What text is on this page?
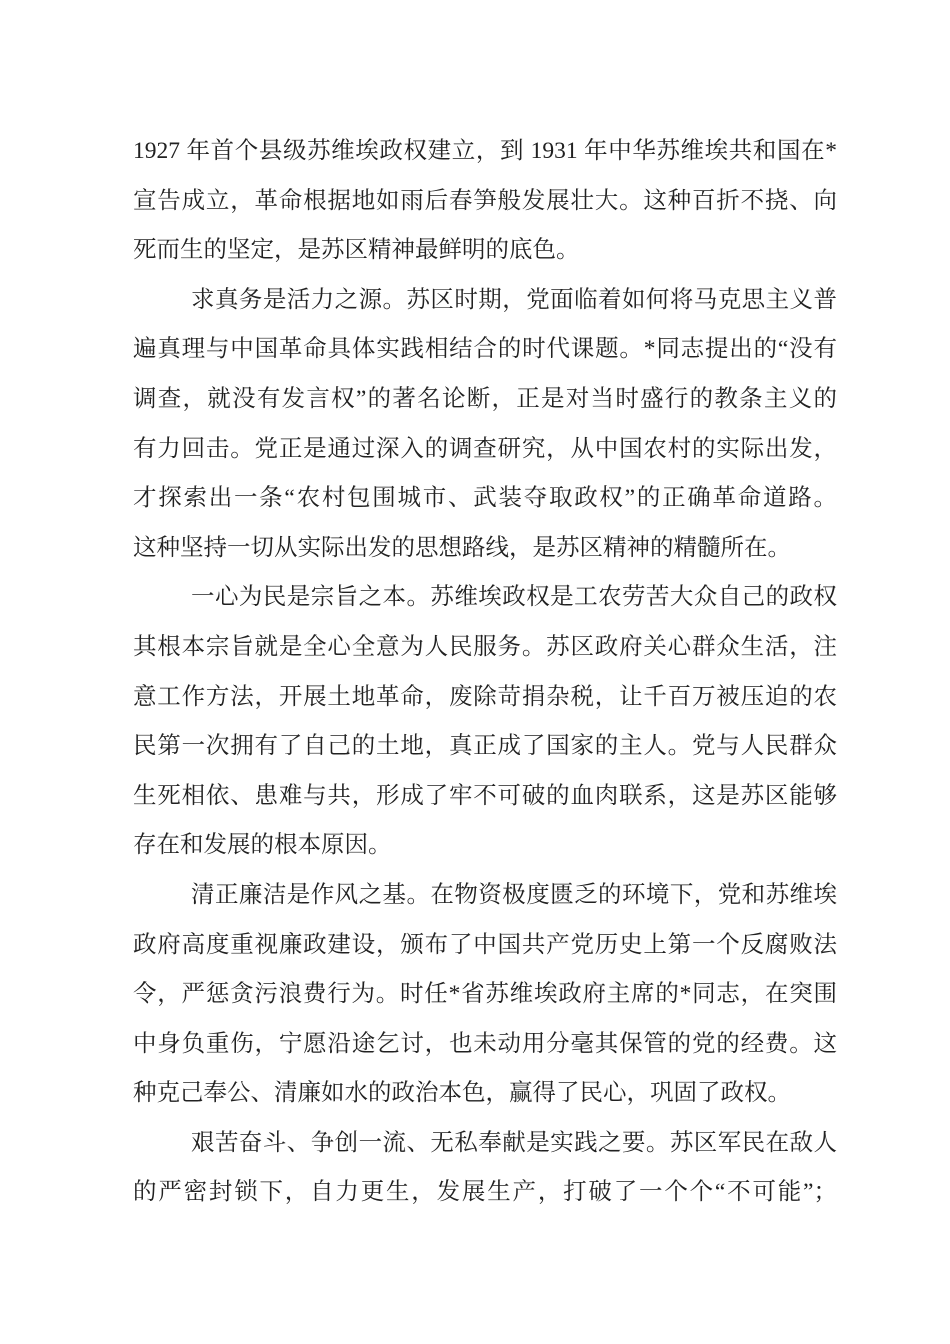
1927 年首个县级苏维埃政权建立，到 1931 年中华苏维埃共和国在*
宣告成立，革命根据地如雨后春笋般发展壮大。这种百折不挠、向
死而生的坚定，是苏区精神最鲜明的底色。
求真务是活力之源。苏区时期，党面临着如何将马克思主义普
遍真理与中国革命具体实践相结合的时代课题。*同志提出的“没有
调查，就没有发言权”的著名论断，正是对当时盛行的教条主义的
有力回击。党正是通过深入的调查研究，从中国农村的实际出发，
才探索出一条“农村包围城市、武装夺取政权”的正确革命道路。
这种坚持一切从实际出发的思想路线，是苏区精神的精髓所在。
一心为民是宗旨之本。苏维埃政权是工农劳苦大众自己的政权
其根本宗旨就是全心全意为人民服务。苏区政府关心群众生活，注
意工作方法，开展土地革命，废除苛捐杂税，让千百万被压迫的农
民第一次拥有了自己的土地，真正成了国家的主人。党与人民群众
生死相依、患难与共，形成了牢不可破的血肉联系，这是苏区能够
存在和发展的根本原因。
清正廉洁是作风之基。在物资极度匮乏的环境下，党和苏维埃
政府高度重视廉政建设，颁布了中国共产党历史上第一个反腐败法
令，严惩贪污浪费行为。时任*省苏维埃政府主席的*同志，在突围
中身负重伤，宁愿沿途乞讨，也未动用分毫其保管的党的经费。这
种克己奉公、清廉如水的政治本色，赢得了民心，巩固了政权。
艰苦奋斗、争创一流、无私奉献是实践之要。苏区军民在敌人
的严密封锁下，自力更生，发展生产，打破了一个个“不可能”；
